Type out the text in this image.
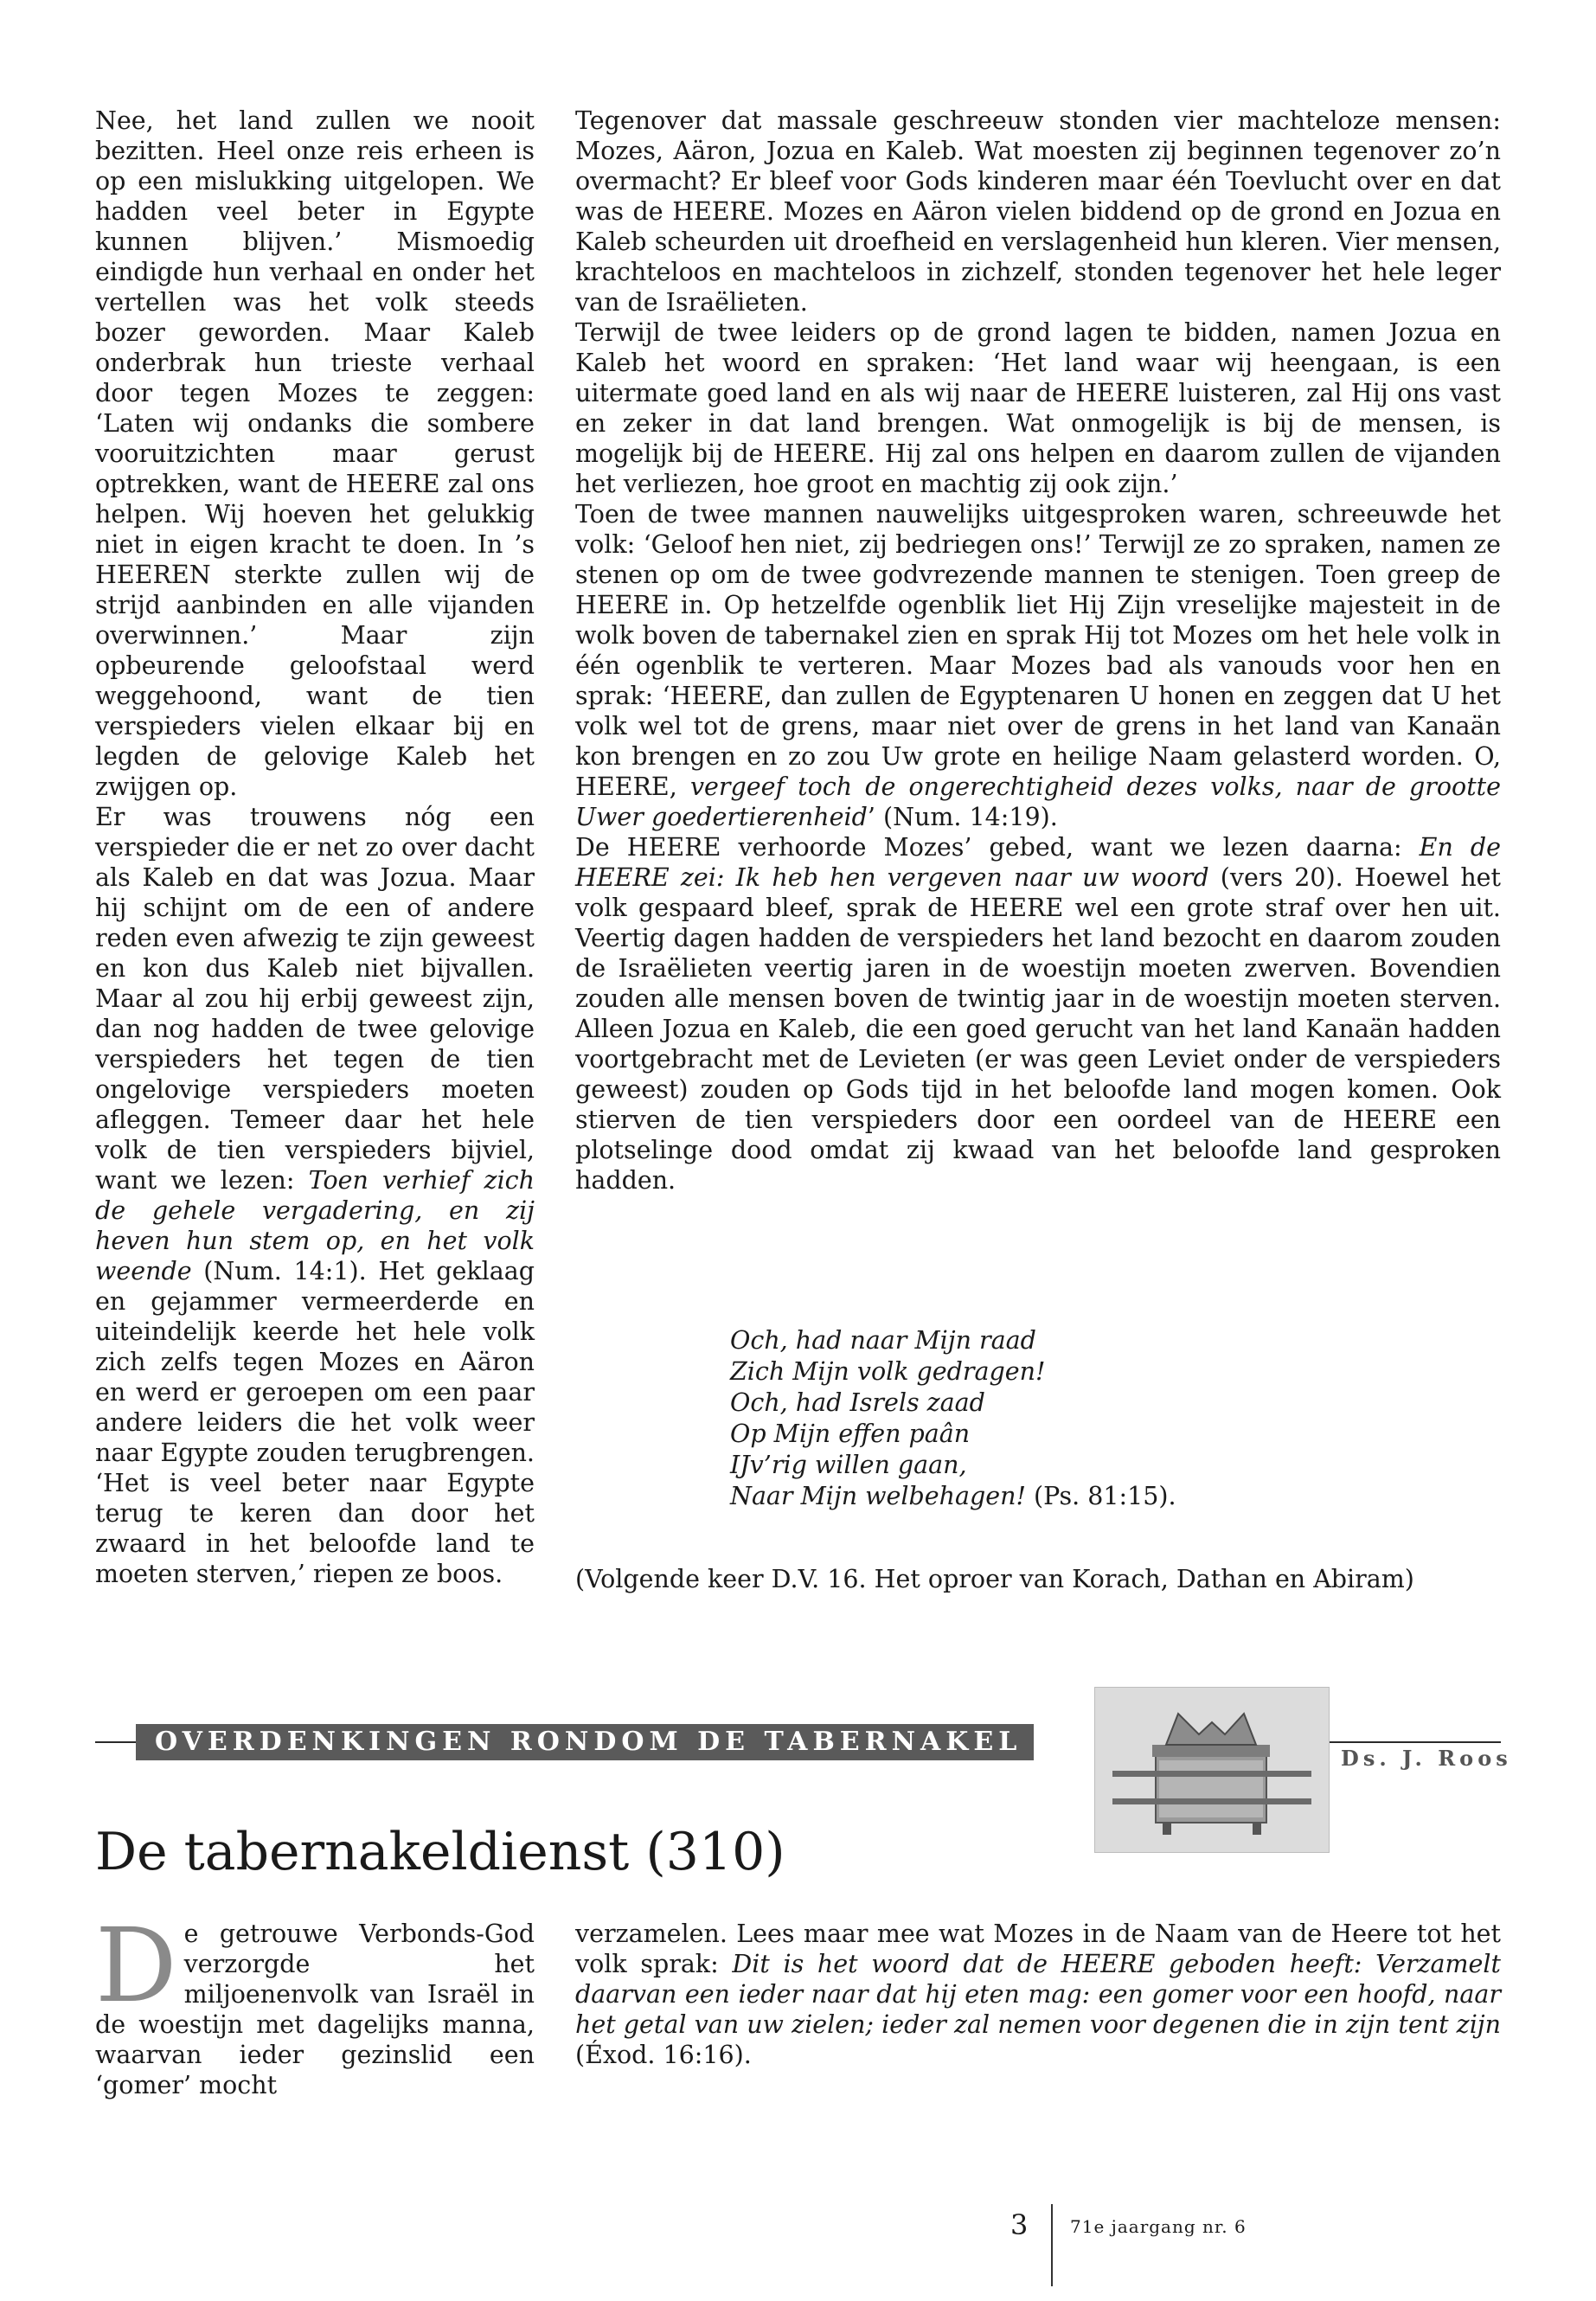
Nee, het land zullen we nooit bezitten. Heel onze reis erheen is op een mislukking uitgelopen. We hadden veel beter in Egypte kunnen blijven.’ Mismoedig eindigde hun verhaal en onder het vertellen was het volk steeds bozer geworden. Maar Kaleb onderbrak hun trieste verhaal door tegen Mozes te zeggen: ‘Laten wij ondanks die sombere vooruitzichten maar gerust optrekken, want de HEERE zal ons helpen. Wij hoeven het gelukkig niet in eigen kracht te doen. In ’s HEEREN sterkte zullen wij de strijd aanbinden en alle vijanden overwinnen.’ Maar zijn opbeurende geloofstaal werd weggehoond, want de tien verspieders vielen elkaar bij en legden de gelovige Kaleb het zwijgen op.

Er was trouwens nóg een verspieder die er net zo over dacht als Kaleb en dat was Jozua. Maar hij schijnt om de een of andere reden even afwezig te zijn geweest en kon dus Kaleb niet bijvallen. Maar al zou hij erbij geweest zijn, dan nog hadden de twee gelovige verspieders het tegen de tien ongelovige verspieders moeten afleggen. Temeer daar het hele volk de tien verspieders bijviel, want we lezen: Toen verhief zich de gehele vergadering, en zij heven hun stem op, en het volk weende (Num. 14:1). Het geklaag en gejammer vermeerderde en uiteindelijk keerde het hele volk zich zelfs tegen Mozes en Aäron en werd er geroepen om een paar andere leiders die het volk weer naar Egypte zouden terugbrengen. ‘Het is veel beter naar Egypte terug te keren dan door het zwaard in het beloofde land te moeten sterven,’ riepen ze boos.

Tegenover dat massale geschreeuw stonden vier machteloze mensen: Mozes, Aäron, Jozua en Kaleb. Wat moesten zij beginnen tegenover zo’n overmacht? Er bleef voor Gods kinderen maar één Toevlucht over en dat was de HEERE. Mozes en Aäron vielen biddend op de grond en Jozua en Kaleb scheurden uit droefheid en verslagenheid hun kleren. Vier mensen, krachteloos en machteloos in zichzelf, stonden tegenover het hele leger van de Israëlieten.

Terwijl de twee leiders op de grond lagen te bidden, namen Jozua en Kaleb het woord en spraken: ‘Het land waar wij heengaan, is een uitermate goed land en als wij naar de HEERE luisteren, zal Hij ons vast en zeker in dat land brengen. Wat onmogelijk is bij de mensen, is mogelijk bij de HEERE. Hij zal ons helpen en daarom zullen de vijanden het verliezen, hoe groot en machtig zij ook zijn.’

Toen de twee mannen nauwelijks uitgesproken waren, schreeuwde het volk: ‘Geloof hen niet, zij bedriegen ons!’ Terwijl ze zo spraken, namen ze stenen op om de twee godvrezende mannen te stenigen. Toen greep de HEERE in. Op hetzelfde ogenblik liet Hij Zijn vreselijke majesteit in de wolk boven de tabernakel zien en sprak Hij tot Mozes om het hele volk in één ogenblik te verteren. Maar Mozes bad als vanouds voor hen en sprak: ‘HEERE, dan zullen de Egyptenaren U honen en zeggen dat U het volk wel tot de grens, maar niet over de grens in het land van Kanaän kon brengen en zo zou Uw grote en heilige Naam gelasterd worden. O, HEERE, vergeef toch de ongerechtigheid dezes volks, naar de grootte Uwer goedertierenheid’ (Num. 14:19).

De HEERE verhoorde Mozes’ gebed, want we lezen daarna: En de HEERE zei: Ik heb hen vergeven naar uw woord (vers 20). Hoewel het volk gespaard bleef, sprak de HEERE wel een grote straf over hen uit. Veertig dagen hadden de verspieders het land bezocht en daarom zouden de Israëlieten veertig jaren in de woestijn moeten zwerven. Bovendien zouden alle mensen boven de twintig jaar in de woestijn moeten sterven. Alleen Jozua en Kaleb, die een goed gerucht van het land Kanaän hadden voortgebracht met de Levieten (er was geen Leviet onder de verspieders geweest) zouden op Gods tijd in het beloofde land mogen komen. Ook stierven de tien verspieders door een oordeel van de HEERE een plotselinge dood omdat zij kwaad van het beloofde land gesproken hadden.

Och, had naar Mijn raad
Zich Mijn volk gedragen!
Och, had Isrels zaad
Op Mijn effen paân
IJv’rig willen gaan,
Naar Mijn welbehagen! (Ps. 81:15).
(Volgende keer D.V. 16. Het oproer van Korach, Dathan en Abiram)
OVERDENKINGEN RONDOM DE TABERNAKEL
Ds. J. Roos
De tabernakeldienst (310)
De getrouwe Verbonds-God verzorgde het miljoenenvolk van Israël in de woestijn met dagelijks manna, waarvan ieder gezinslid een ‘gomer’ mocht
verzamelen. Lees maar mee wat Mozes in de Naam van de Heere tot het volk sprak: Dit is het woord dat de HEERE geboden heeft: Verzamelt daarvan een ieder naar dat hij eten mag: een gomer voor een hoofd, naar het getal van uw zielen; ieder zal nemen voor degenen die in zijn tent zijn (Éxod. 16:16).
3 71e jaargang nr. 6
